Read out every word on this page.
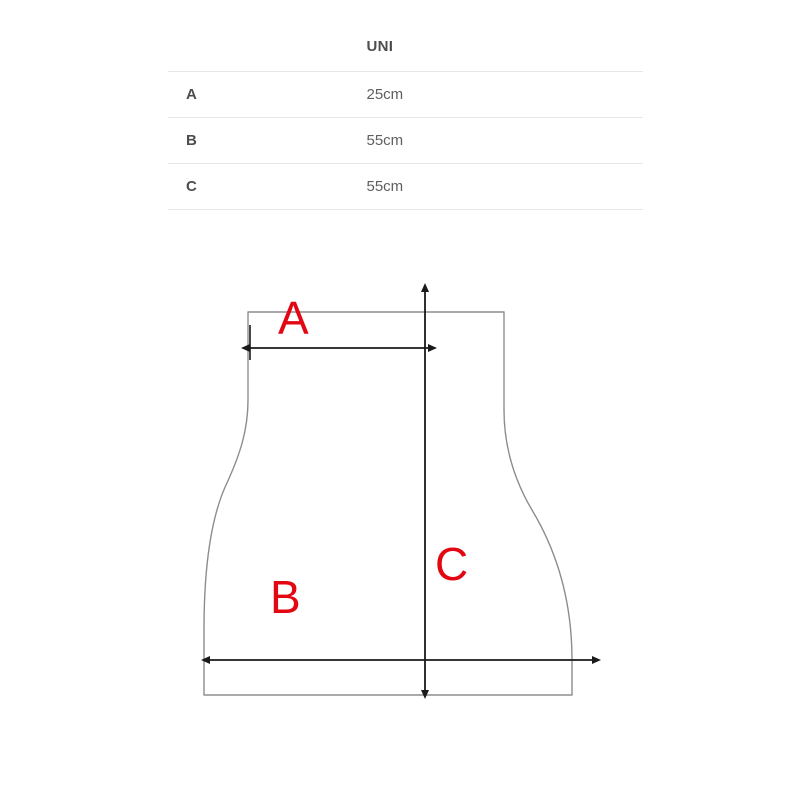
	UNI
A	25cm
B	55cm
C	55cm
A
C
B
